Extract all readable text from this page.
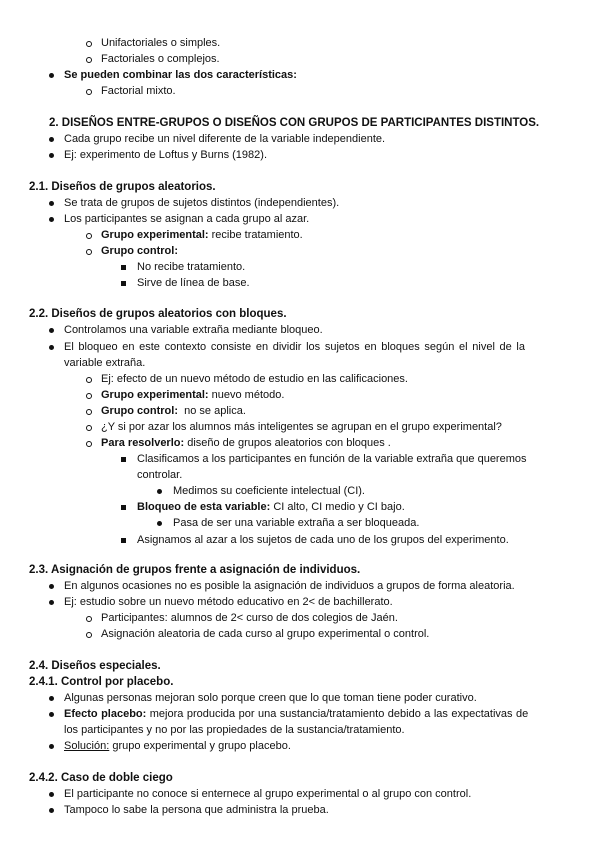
Unifactoriales o simples.
Factoriales o complejos.
Se pueden combinar las dos características:
Factorial mixto.
2. DISEÑOS ENTRE-GRUPOS O DISEÑOS CON GRUPOS DE PARTICIPANTES DISTINTOS.
Cada grupo recibe un nivel diferente de la variable independiente.
Ej: experimento de Loftus y Burns (1982).
2.1. Diseños de grupos aleatorios.
Se trata de grupos de sujetos distintos (independientes).
Los participantes se asignan a cada grupo al azar.
Grupo experimental: recibe tratamiento.
Grupo control:
No recibe tratamiento.
Sirve de línea de base.
2.2. Diseños de grupos aleatorios con bloques.
Controlamos una variable extraña mediante bloqueo.
El bloqueo en este contexto consiste en dividir los sujetos en bloques según el nivel de la
variable extraña.
Ej: efecto de un nuevo método de estudio en las calificaciones.
Grupo experimental: nuevo método.
Grupo control:  no se aplica.
¿Y si por azar los alumnos más inteligentes se agrupan en el grupo experimental?
Para resolverlo: diseño de grupos aleatorios con bloques .
Clasificamos a los participantes en función de la variable extraña que queremos
controlar.
Medimos su coeficiente intelectual (CI).
Bloqueo de esta variable: CI alto, CI medio y CI bajo.
Pasa de ser una variable extraña a ser bloqueada.
Asignamos al azar a los sujetos de cada uno de los grupos del experimento.
2.3. Asignación de grupos frente a asignación de individuos.
En algunos ocasiones no es posible la asignación de individuos a grupos de forma aleatoria.
Ej: estudio sobre un nuevo método educativo en 2< de bachillerato.
Participantes: alumnos de 2< curso de dos colegios de Jaén.
Asignación aleatoria de cada curso al grupo experimental o control.
2.4. Diseños especiales.
2.4.1. Control por placebo.
Algunas personas mejoran solo porque creen que lo que toman tiene poder curativo.
Efecto placebo: mejora producida por una sustancia/tratamiento debido a las expectativas de
los participantes y no por las propiedades de la sustancia/tratamiento.
Solución: grupo experimental y grupo placebo.
2.4.2. Caso de doble ciego
El participante no conoce si enternece al grupo experimental o al grupo con control.
Tampoco lo sabe la persona que administra la prueba.
